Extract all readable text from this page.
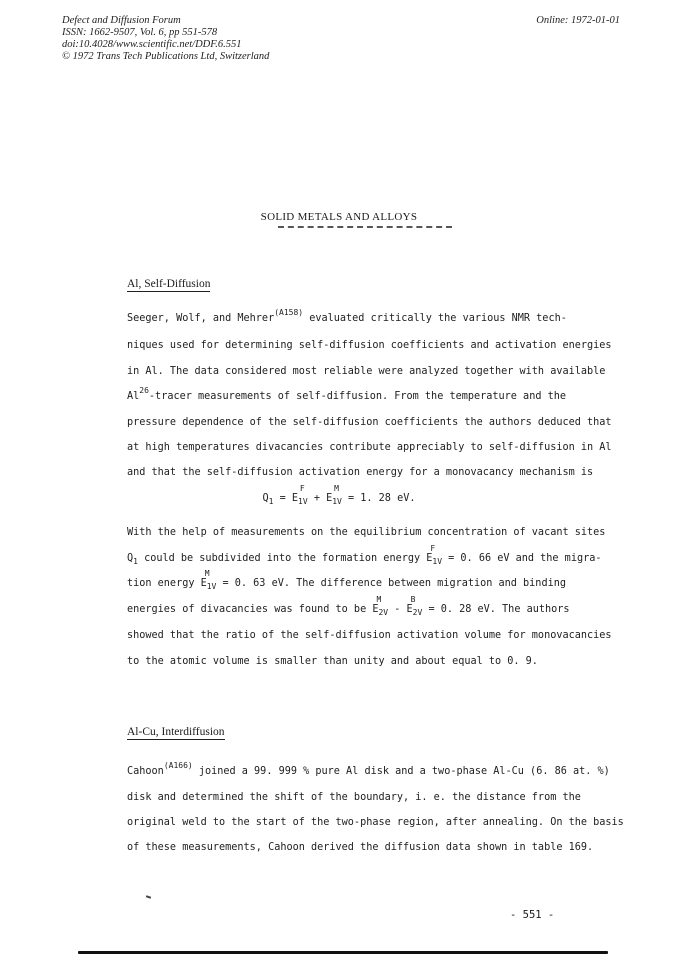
Defect and Diffusion Forum
ISSN: 1662-9507, Vol. 6, pp 551-578
doi:10.4028/www.scientific.net/DDF.6.551
© 1972 Trans Tech Publications Ltd, Switzerland
Online: 1972-01-01
SOLID METALS AND ALLOYS
Al, Self-Diffusion
Seeger, Wolf, and Mehrer$^{(A158)}$ evaluated critically the various NMR tech-
niques used for determining self-diffusion coefficients and activation energies
in Al. The data considered most reliable were analyzed together with available
Al$^{26}$-tracer measurements of self-diffusion. From the temperature and the
pressure dependence of the self-diffusion coefficients the authors deduced that
at high temperatures divacancies contribute appreciably to self-diffusion in Al
and that the self-diffusion activation energy for a monovacancy mechanism is
$Q_1 = E$
F
$_{1V}$ + E
M
$_{1V}$ = 1. 28 eV.
With the help of measurements on the equilibrium concentration of vacant sites
$Q_1$ could be subdivided into the formation energy E
F
$_{1V}$ = 0. 66 eV and the migra-
tion energy E
M
$_{1V}$ = 0. 63 eV. The difference between migration and binding
energies of divacancies was found to be E
M
$_{2V}$ - E
B
$_{2V}$ = 0. 28 eV. The authors
showed that the ratio of the self-diffusion activation volume for monovacancies
to the atomic volume is smaller than unity and about equal to 0. 9.
Al-Cu, Interdiffusion
Cahoon$^{(A166)}$ joined a 99. 999 % pure Al disk and a two-phase Al-Cu (6. 86 at. %)
disk and determined the shift of the boundary, i. e. the distance from the
original weld to the start of the two-phase region, after annealing. On the basis
of these measurements, Cahoon derived the diffusion data shown in table 169.
- 551 -
